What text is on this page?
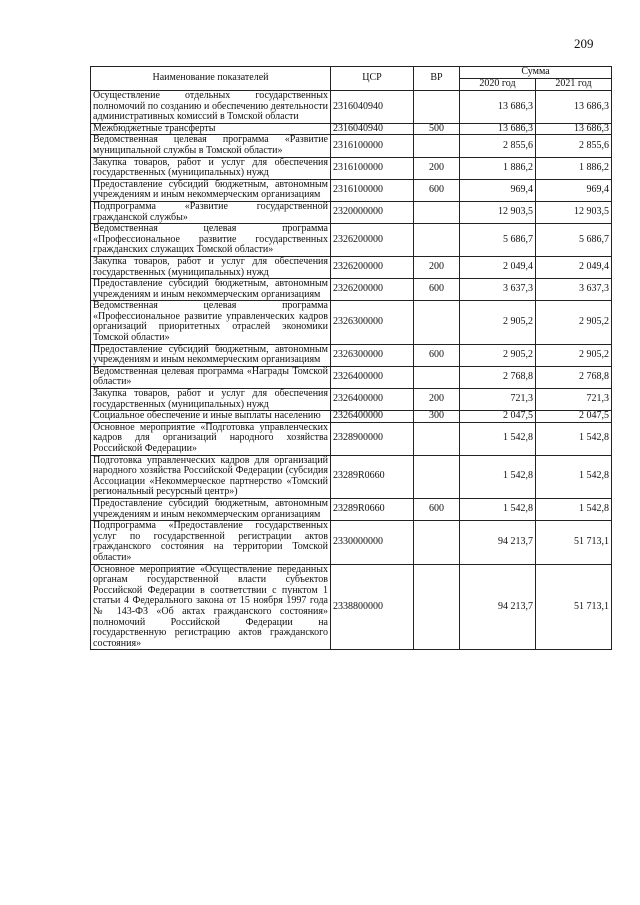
209
Наименование показателей	ЦСР	ВР	Сумма	
			2020 год	2021 год
Осуществление отдельных государственных полномочий по созданию и обеспечению деятельности административных комиссий в Томской области	2316040940		13 686,3	13 686,3
Межбюджетные трансферты	2316040940	500	13 686,3	13 686,3
Ведомственная целевая программа «Развитие муниципальной службы в Томской области»	2316100000		2 855,6	2 855,6
Закупка товаров, работ и услуг для обеспечения государственных (муниципальных) нужд	2316100000	200	1 886,2	1 886,2
Предоставление субсидий бюджетным, автономным учреждениям и иным некоммерческим организациям	2316100000	600	969,4	969,4
Подпрограмма «Развитие государственной гражданской службы»	2320000000		12 903,5	12 903,5
Ведомственная целевая программа «Профессиональное развитие государственных гражданских служащих Томской области»	2326200000		5 686,7	5 686,7
Закупка товаров, работ и услуг для обеспечения государственных (муниципальных) нужд	2326200000	200	2 049,4	2 049,4
Предоставление субсидий бюджетным, автономным учреждениям и иным некоммерческим организациям	2326200000	600	3 637,3	3 637,3
Ведомственная целевая программа «Профессиональное развитие управленческих кадров организаций приоритетных отраслей экономики Томской области»	2326300000		2 905,2	2 905,2
Предоставление субсидий бюджетным, автономным учреждениям и иным некоммерческим организациям	2326300000	600	2 905,2	2 905,2
Ведомственная целевая программа «Награды Томской области»	2326400000		2 768,8	2 768,8
Закупка товаров, работ и услуг для обеспечения государственных (муниципальных) нужд	2326400000	200	721,3	721,3
Социальное обеспечение и иные выплаты населению	2326400000	300	2 047,5	2 047,5
Основное мероприятие «Подготовка управленческих кадров для организаций народного хозяйства Российской Федерации»	2328900000		1 542,8	1 542,8
Подготовка управленческих кадров для организаций народного хозяйства Российской Федерации (субсидия Ассоциации «Некоммерческое партнерство «Томский региональный ресурсный центр»)	23289R0660		1 542,8	1 542,8
Предоставление субсидий бюджетным, автономным учреждениям и иным некоммерческим организациям	23289R0660	600	1 542,8	1 542,8
Подпрограмма «Предоставление государственных услуг по государственной регистрации актов гражданского состояния на территории Томской области»	2330000000		94 213,7	51 713,1
Основное мероприятие «Осуществление переданных органам государственной власти субъектов Российской Федерации в соответствии с пунктом 1 статьи 4 Федерального закона от 15 ноября 1997 года № 143-ФЗ «Об актах гражданского состояния» полномочий Российской Федерации на государственную регистрацию актов гражданского состояния»	2338800000		94 213,7	51 713,1
